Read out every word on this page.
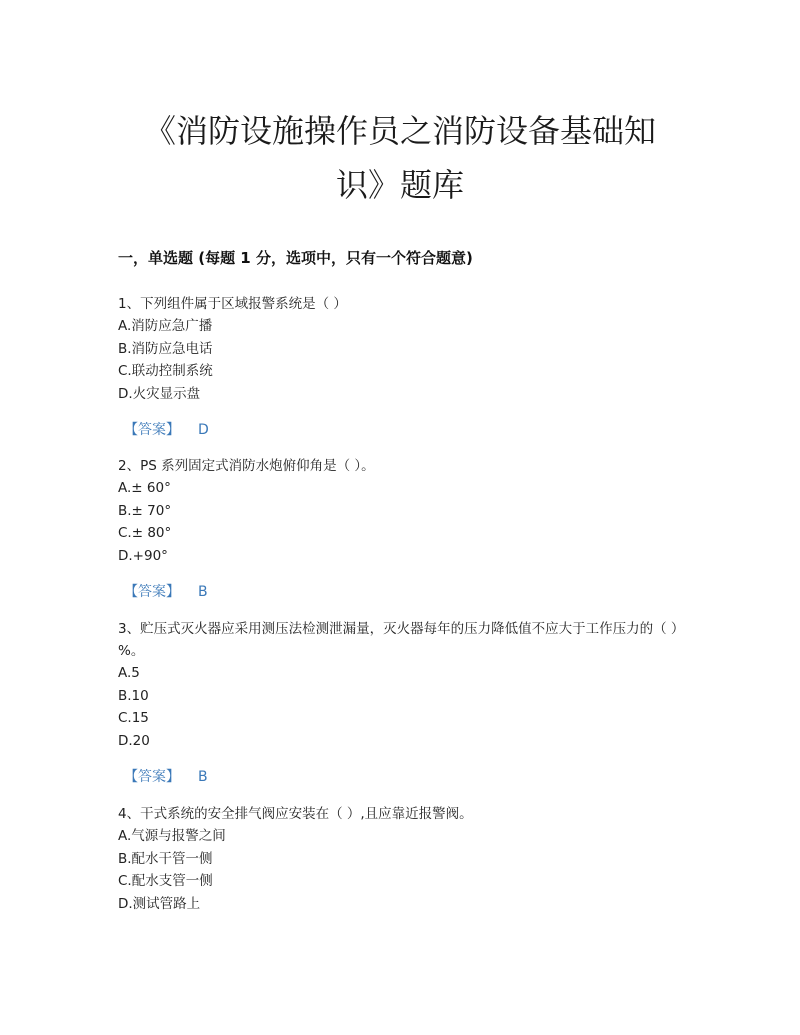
《消防设施操作员之消防设备基础知识》题库
一，单选题 (每题 1 分，选项中，只有一个符合题意)

1、下列组件属于区域报警系统是（ ）

A.消防应急广播

B.消防应急电话

C.联动控制系统

D.火灾显示盘

【答案】 D

2、PS 系列固定式消防水炮俯仰角是（ ）。

A.± 60°

B.± 70°

C.± 80°

D.+90°

【答案】 B

3、贮压式灭火器应采用测压法检测泄漏量，灭火器每年的压力降低值不应大于工作压力的（ ）%。

A.5

B.10

C.15

D.20

【答案】 B

4、干式系统的安全排气阀应安装在（ ）,且应靠近报警阀。

A.气源与报警之间

B.配水干管一侧

C.配水支管一侧

D.测试管路上
